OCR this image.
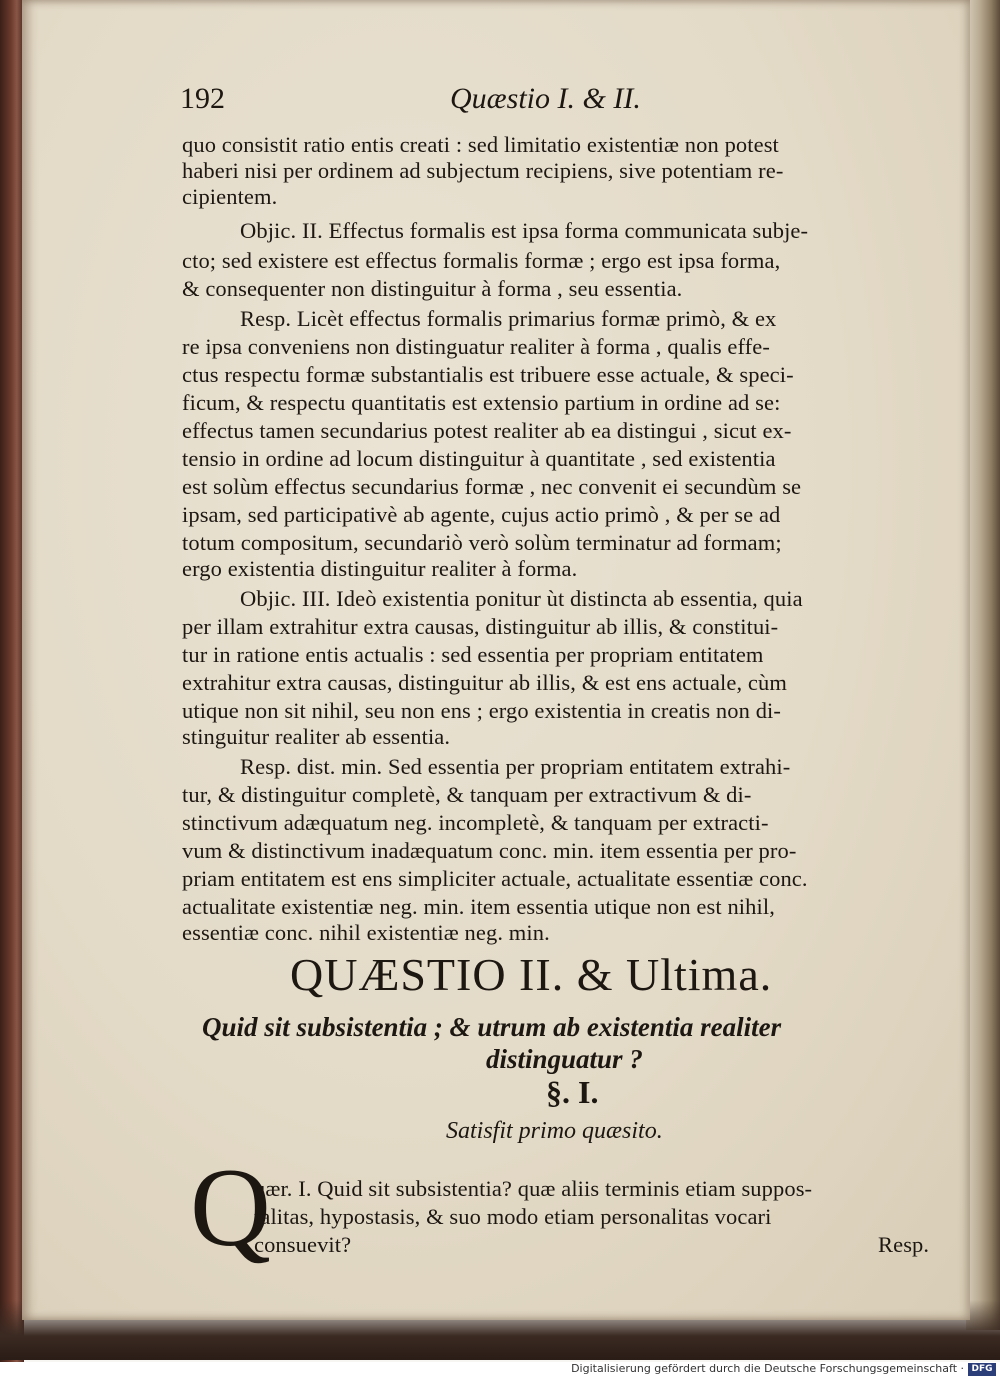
192	Quæstio I. & II.
quo consistit ratio entis creati : sed limitatio existentiæ non potest
haberi nisi per ordinem ad subjectum recipiens, sive potentiam re-
cipientem.
Objic. II. Effectus formalis est ipsa forma communicata subje-
cto; sed existere est effectus formalis formæ ; ergo est ipsa forma,
& consequenter non distinguitur à forma , seu essentia.
Resp. Licèt effectus formalis primarius formæ primò, & ex
re ipsa conveniens non distinguatur realiter à forma , qualis effe-
ctus respectu formæ substantialis est tribuere esse actuale, & speci-
ficum, & respectu quantitatis est extensio partium in ordine ad se:
effectus tamen secundarius potest realiter ab ea distingui , sicut ex-
tensio in ordine ad locum distinguitur à quantitate , sed existentia
est solùm effectus secundarius formæ , nec convenit ei secundùm se
ipsam, sed participativè ab agente, cujus actio primò , & per se ad
totum compositum, secundariò verò solùm terminatur ad formam;
ergo existentia distinguitur realiter à forma.
Objic. III. Ideò existentia ponitur ùt distincta ab essentia, quia
per illam extrahitur extra causas, distinguitur ab illis, & constitui-
tur in ratione entis actualis : sed essentia per propriam entitatem
extrahitur extra causas, distinguitur ab illis, & est ens actuale, cùm
utique non sit nihil, seu non ens ; ergo existentia in creatis non di-
stinguitur realiter ab essentia.
Resp. dist. min. Sed essentia per propriam entitatem extrahi-
tur, & distinguitur completè, & tanquam per extractivum & di-
stinctivum adæquatum neg. incompletè, & tanquam per extracti-
vum & distinctivum inadæquatum conc. min. item essentia per pro-
priam entitatem est ens simpliciter actuale, actualitate essentiæ conc.
actualitate existentiæ neg. min. item essentia utique non est nihil,
essentiæ conc. nihil existentiæ neg. min.
QUÆSTIO II. & Ultima.
Quid sit subsistentia ; & utrum ab existentia realiter
distinguatur ?
§. I.
Satisfit primo quæsito.
Q
uær. I. Quid sit subsistentia? quæ aliis terminis etiam suppos-
talitas, hypostasis, & suo modo etiam personalitas vocari
consuevit?	Resp.
Digitalisierung gefördert durch die Deutsche Forschungsgemeinschaft · DFG
